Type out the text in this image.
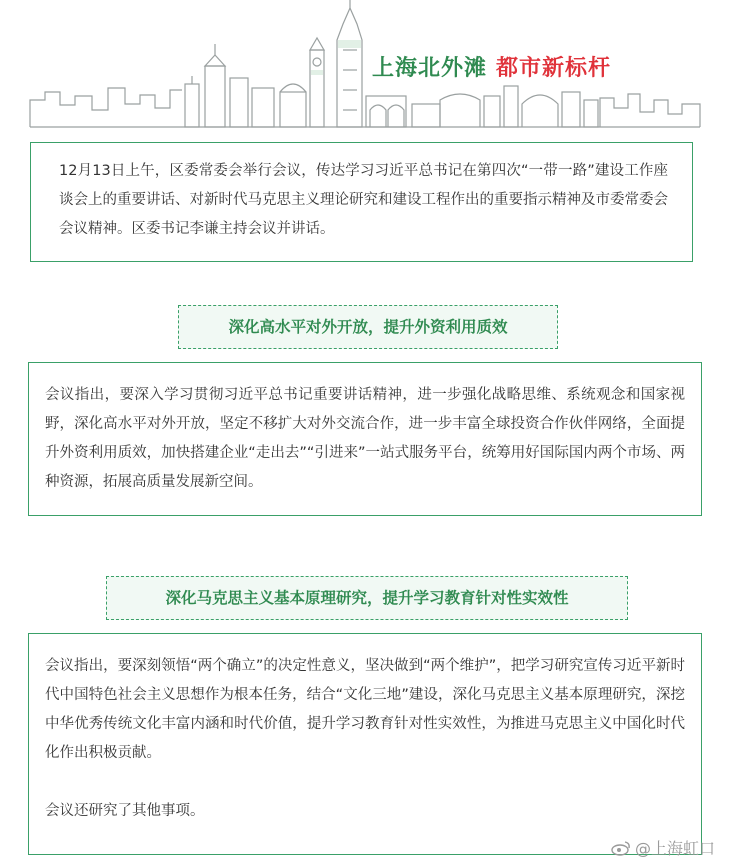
上海北外滩 都市新标杆

12月13日上午，区委常委会举行会议，传达学习习近平总书记在第四次“一带一路”建设工作座谈会上的重要讲话、对新时代马克思主义理论研究和建设工程作出的重要指示精神及市委常委会会议精神。区委书记李谦主持会议并讲话。

深化高水平对外开放，提升外资利用质效

会议指出，要深入学习贯彻习近平总书记重要讲话精神，进一步强化战略思维、系统观念和国家视野，深化高水平对外开放，坚定不移扩大对外交流合作，进一步丰富全球投资合作伙伴网络，全面提升外资利用质效，加快搭建企业“走出去”“引进来”一站式服务平台，统筹用好国际国内两个市场、两种资源，拓展高质量发展新空间。

深化马克思主义基本原理研究，提升学习教育针对性实效性

会议指出，要深刻领悟“两个确立”的决定性意义，坚决做到“两个维护”，把学习研究宣传习近平新时代中国特色社会主义思想作为根本任务，结合“文化三地”建设，深化马克思主义基本原理研究，深挖中华优秀传统文化丰富内涵和时代价值，提升学习教育针对性实效性，为推进马克思主义中国化时代化作出积极贡献。

会议还研究了其他事项。

@上海虹口
